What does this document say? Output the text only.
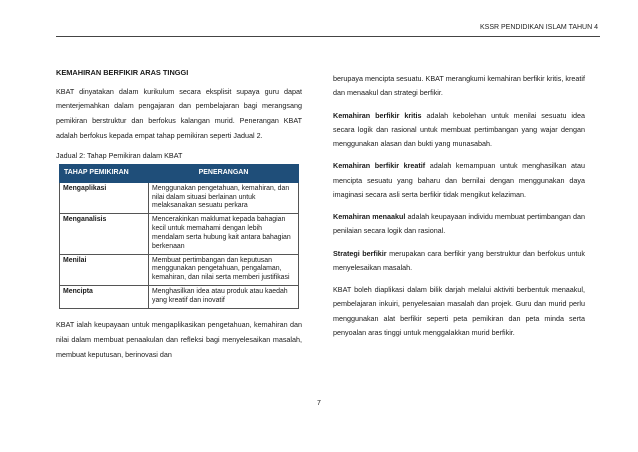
KSSR PENDIDIKAN ISLAM TAHUN 4
KEMAHIRAN BERFIKIR ARAS TINGGI

KBAT dinyatakan dalam kurikulum secara eksplisit supaya guru dapat menterjemahkan dalam pengajaran dan pembelajaran bagi merangsang pemikiran berstruktur dan berfokus kalangan murid. Penerangan KBAT adalah berfokus kepada empat tahap pemikiran seperti Jadual 2.

Jadual 2: Tahap Pemikiran dalam KBAT
TAHAP PEMIKIRAN	PENERANGAN
Mengaplikasi	Menggunakan pengetahuan, kemahiran, dan nilai dalam situasi berlainan untuk melaksanakan sesuatu perkara
Menganalisis	Mencerakinkan maklumat kepada bahagian kecil untuk memahami dengan lebih mendalam serta hubung kait antara bahagian berkenaan
Menilai	Membuat pertimbangan dan keputusan menggunakan pengetahuan, pengalaman, kemahiran, dan nilai serta memberi justifikasi
Mencipta	Menghasilkan idea atau produk atau kaedah yang kreatif dan inovatif

KBAT ialah keupayaan untuk mengaplikasikan pengetahuan, kemahiran dan nilai dalam membuat penaakulan dan refleksi bagi menyelesaikan masalah, membuat keputusan, berinovasi dan

berupaya mencipta sesuatu. KBAT merangkumi kemahiran berfikir kritis, kreatif dan menaakul dan strategi berfikir.

Kemahiran berfikir kritis adalah kebolehan untuk menilai sesuatu idea secara logik dan rasional untuk membuat pertimbangan yang wajar dengan menggunakan alasan dan bukti yang munasabah.

Kemahiran berfikir kreatif adalah kemampuan untuk menghasilkan atau mencipta sesuatu yang baharu dan bernilai dengan menggunakan daya imaginasi secara asli serta berfikir tidak mengikut kelaziman.

Kemahiran menaakul adalah keupayaan individu membuat pertimbangan dan penilaian secara logik dan rasional.

Strategi berfikir merupakan cara berfikir yang berstruktur dan berfokus untuk menyelesaikan masalah.

KBAT boleh diaplikasi dalam bilik darjah melalui aktiviti berbentuk menaakul, pembelajaran inkuiri, penyelesaian masalah dan projek. Guru dan murid perlu menggunakan alat berfikir seperti peta pemikiran dan peta minda serta penyoalan aras tinggi untuk menggalakkan murid berfikir.

7
